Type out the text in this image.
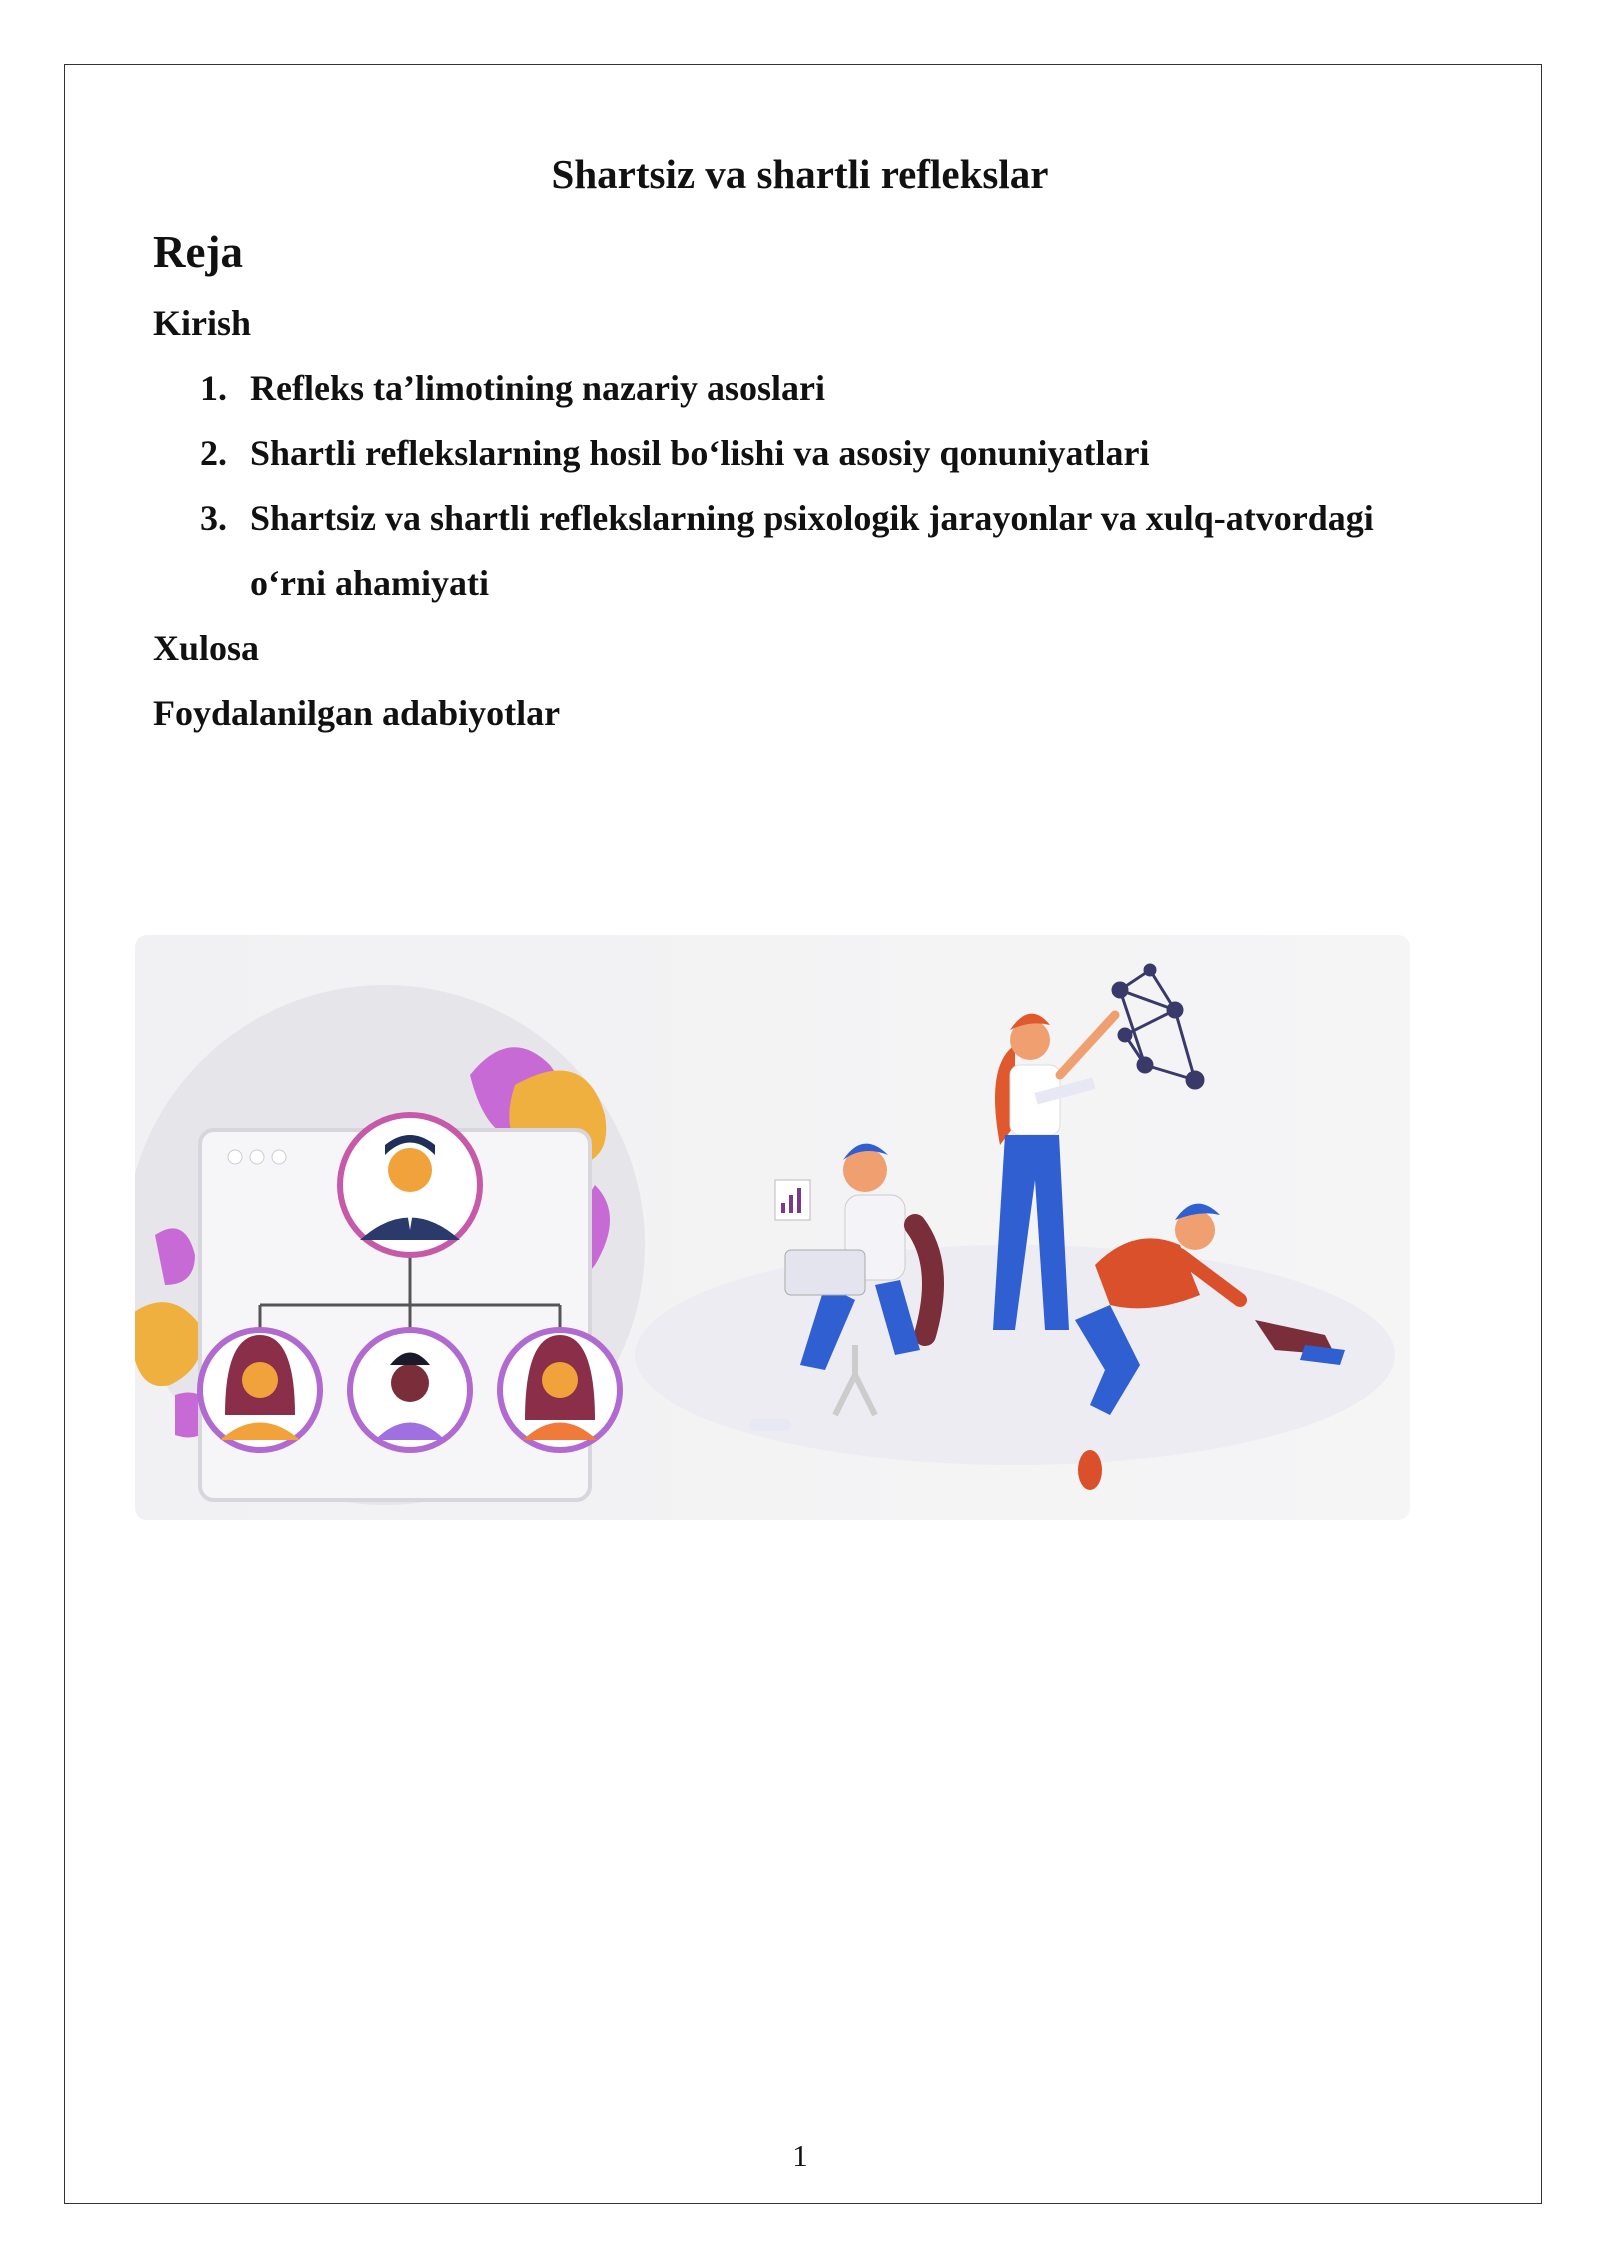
Shartsiz va shartli reflekslar
Reja
Kirish
1. Refleks ta’limotining nazariy asoslari
2. Shartli reflekslarning hosil bo‘lishi va asosiy qonuniyatlari
3. Shartsiz va shartli reflekslarning psixologik jarayonlar va xulq-atvordagi
o‘rni ahamiyati
Xulosa
Foydalanilgan adabiyotlar
1
